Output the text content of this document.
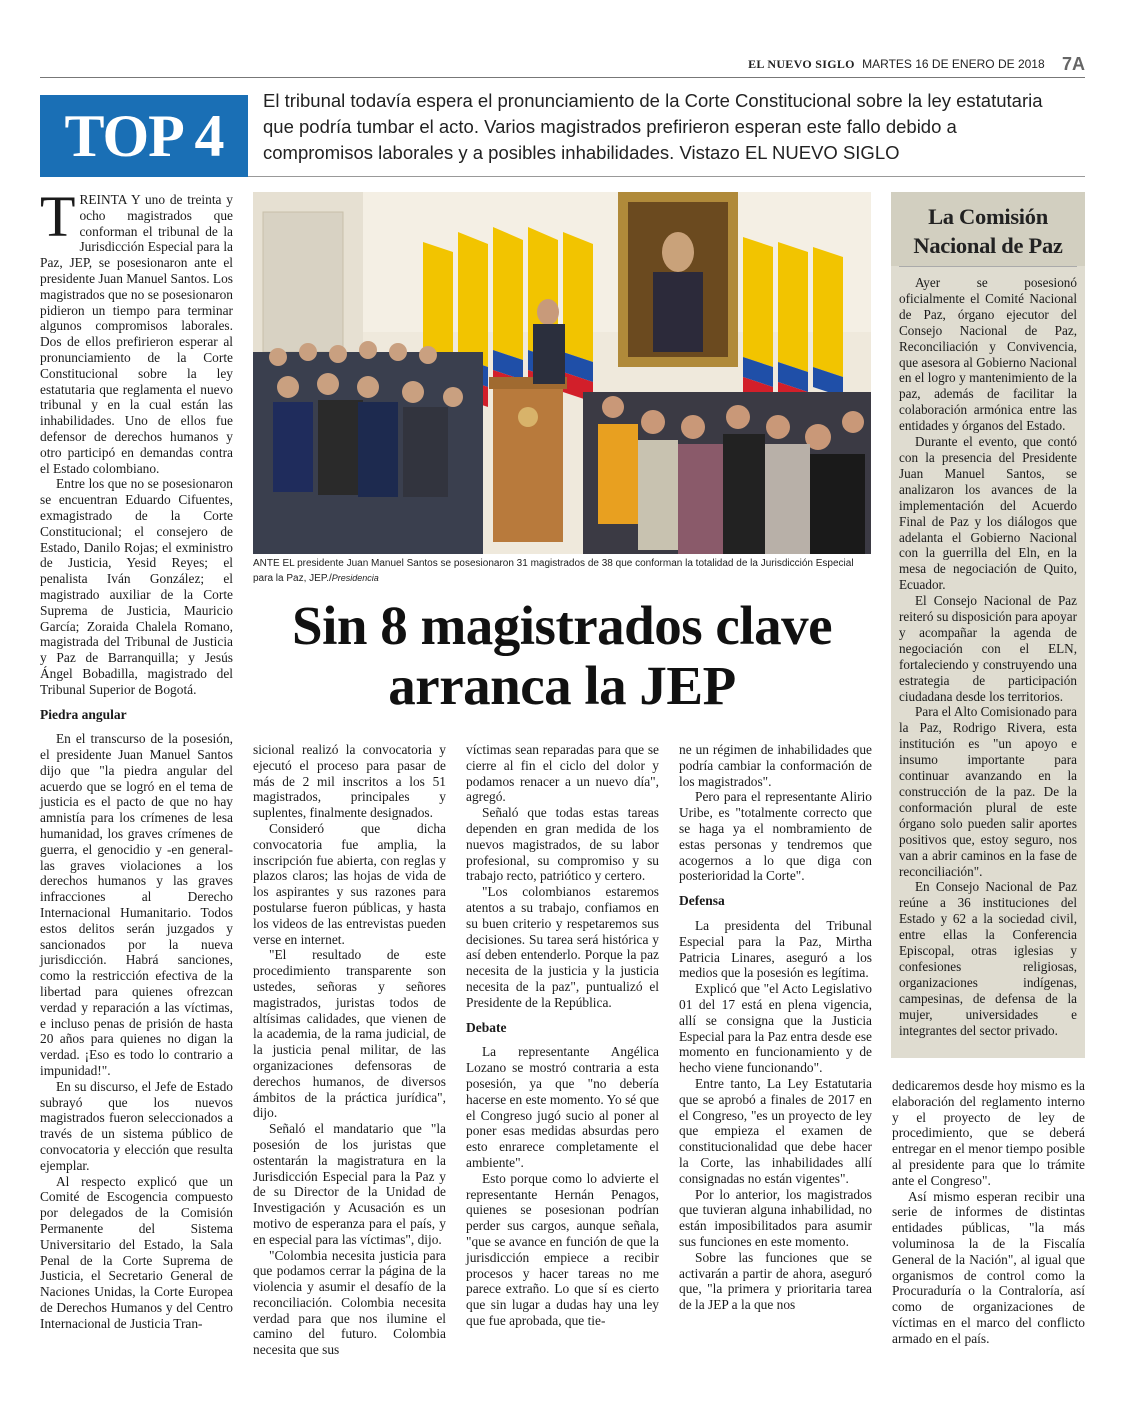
EL NUEVO SIGLO MARTES 16 DE ENERO DE 2018 7A
TOP 4
El tribunal todavía espera el pronunciamiento de la Corte Constitucional sobre la ley estatutaria que podría tumbar el acto. Varios magistrados prefirieron esperan este fallo debido a compromisos laborales y a posibles inhabilidades. Vistazo EL NUEVO SIGLO

TREINTA Y uno de treinta y ocho magistrados que conforman el tribunal de la Jurisdicción Especial para la Paz, JEP, se posesionaron ante el presidente Juan Manuel Santos. Los magistrados que no se posesionaron pidieron un tiempo para terminar algunos compromisos laborales. Dos de ellos prefirieron esperar al pronunciamiento de la Corte Constitucional sobre la ley estatutaria que reglamenta el nuevo tribunal y en la cual están las inhabilidades. Uno de ellos fue defensor de derechos humanos y otro participó en demandas contra el Estado colombiano.

Entre los que no se posesionaron se encuentran Eduardo Cifuentes, exmagistrado de la Corte Constitucional; el consejero de Estado, Danilo Rojas; el exministro de Justicia, Yesid Reyes; el penalista Iván González; el magistrado auxiliar de la Corte Suprema de Justicia, Mauricio García; Zoraida Chalela Romano, magistrada del Tribunal de Justicia y Paz de Barranquilla; y Jesús Ángel Bobadilla, magistrado del Tribunal Superior de Bogotá.

Piedra angular

En el transcurso de la posesión, el presidente Juan Manuel Santos dijo que "la piedra angular del acuerdo que se logró en el tema de justicia es el pacto de que no hay amnistía para los crímenes de lesa humanidad, los graves crímenes de guerra, el genocidio y -en general- las graves violaciones a los derechos humanos y las graves infracciones al Derecho Internacional Humanitario. Todos estos delitos serán juzgados y sancionados por la nueva jurisdicción. Habrá sanciones, como la restricción efectiva de la libertad para quienes ofrezcan verdad y reparación a las víctimas, e incluso penas de prisión de hasta 20 años para quienes no digan la verdad. ¡Eso es todo lo contrario a impunidad!".

En su discurso, el Jefe de Estado subrayó que los nuevos magistrados fueron seleccionados a través de un sistema público de convocatoria y elección que resulta ejemplar.

Al respecto explicó que un Comité de Escogencia compuesto por delegados de la Comisión Permanente del Sistema Universitario del Estado, la Sala Penal de la Corte Suprema de Justicia, el Secretario General de Naciones Unidas, la Corte Europea de Derechos Humanos y del Centro Internacional de Justicia Tran-

ANTE EL presidente Juan Manuel Santos se posesionaron 31 magistrados de 38 que conforman la totalidad de la Jurisdicción Especial para la Paz, JEP./Presidencia
Sin 8 magistrados clave
arranca la JEP

sicional realizó la convocatoria y ejecutó el proceso para pasar de más de 2 mil inscritos a los 51 magistrados, principales y suplentes, finalmente designados.

Consideró que dicha convocatoria fue amplia, la inscripción fue abierta, con reglas y plazos claros; las hojas de vida de los aspirantes y sus razones para postularse fueron públicas, y hasta los videos de las entrevistas pueden verse en internet.

"El resultado de este procedimiento transparente son ustedes, señoras y señores magistrados, juristas todos de altísimas calidades, que vienen de la academia, de la rama judicial, de la justicia penal militar, de las organizaciones defensoras de derechos humanos, de diversos ámbitos de la práctica jurídica", dijo.

Señaló el mandatario que "la posesión de los juristas que ostentarán la magistratura en la Jurisdicción Especial para la Paz y de su Director de la Unidad de Investigación y Acusación es un motivo de esperanza para el país, y en especial para las víctimas", dijo.

"Colombia necesita justicia para que podamos cerrar la página de la violencia y asumir el desafío de la reconciliación. Colombia necesita verdad para que nos ilumine el camino del futuro. Colombia necesita que sus

víctimas sean reparadas para que se cierre al fin el ciclo del dolor y podamos renacer a un nuevo día", agregó.

Señaló que todas estas tareas dependen en gran medida de los nuevos magistrados, de su labor profesional, su compromiso y su trabajo recto, patriótico y certero.

"Los colombianos estaremos atentos a su trabajo, confiamos en su buen criterio y respetaremos sus decisiones. Su tarea será histórica y así deben entenderlo. Porque la paz necesita de la justicia y la justicia necesita de la paz", puntualizó el Presidente de la República.

Debate

La representante Angélica Lozano se mostró contraria a esta posesión, ya que "no debería hacerse en este momento. Yo sé que el Congreso jugó sucio al poner al poner esas medidas absurdas pero esto enrarece completamente el ambiente".

Esto porque como lo advierte el representante Hernán Penagos, quienes se posesionan podrían perder sus cargos, aunque señala, "que se avance en función de que la jurisdicción empiece a recibir procesos y hacer tareas no me parece extraño. Lo que sí es cierto que sin lugar a dudas hay una ley que fue aprobada, que tie-

ne un régimen de inhabilidades que podría cambiar la conformación de los magistrados".

Pero para el representante Alirio Uribe, es "totalmente correcto que se haga ya el nombramiento de estas personas y tendremos que acogernos a lo que diga con posterioridad la Corte".

Defensa

La presidenta del Tribunal Especial para la Paz, Mirtha Patricia Linares, aseguró a los medios que la posesión es legítima.

Explicó que "el Acto Legislativo 01 del 17 está en plena vigencia, allí se consigna que la Justicia Especial para la Paz entra desde ese momento en funcionamiento y de hecho viene funcionando".

Entre tanto, La Ley Estatutaria que se aprobó a finales de 2017 en el Congreso, "es un proyecto de ley que empieza el examen de constitucionalidad que debe hacer la Corte, las inhabilidades allí consignadas no están vigentes".

Por lo anterior, los magistrados que tuvieran alguna inhabilidad, no están imposibilitados para asumir sus funciones en este momento.

Sobre las funciones que se activarán a partir de ahora, aseguró que, "la primera y prioritaria tarea de la JEP a la que nos

La Comisión Nacional de Paz

Ayer se posesionó oficialmente el Comité Nacional de Paz, órgano ejecutor del Consejo Nacional de Paz, Reconciliación y Convivencia, que asesora al Gobierno Nacional en el logro y mantenimiento de la paz, además de facilitar la colaboración armónica entre las entidades y órganos del Estado.

Durante el evento, que contó con la presencia del Presidente Juan Manuel Santos, se analizaron los avances de la implementación del Acuerdo Final de Paz y los diálogos que adelanta el Gobierno Nacional con la guerrilla del Eln, en la mesa de negociación de Quito, Ecuador.

El Consejo Nacional de Paz reiteró su disposición para apoyar y acompañar la agenda de negociación con el ELN, fortaleciendo y construyendo una estrategia de participación ciudadana desde los territorios.

Para el Alto Comisionado para la Paz, Rodrigo Rivera, esta institución es "un apoyo e insumo importante para continuar avanzando en la construcción de la paz. De la conformación plural de este órgano solo pueden salir aportes positivos que, estoy seguro, nos van a abrir caminos en la fase de reconciliación".

En Consejo Nacional de Paz reúne a 36 instituciones del Estado y 62 a la sociedad civil, entre ellas la Conferencia Episcopal, otras iglesias y confesiones religiosas, organizaciones indígenas, campesinas, de defensa de la mujer, universidades e integrantes del sector privado.

dedicaremos desde hoy mismo es la elaboración del reglamento interno y el proyecto de ley de procedimiento, que se deberá entregar en el menor tiempo posible al presidente para que lo trámite ante el Congreso".

Así mismo esperan recibir una serie de informes de distintas entidades públicas, "la más voluminosa la de la Fiscalía General de la Nación", al igual que organismos de control como la Procuraduría o la Contraloría, así como de organizaciones de víctimas en el marco del conflicto armado en el país.
